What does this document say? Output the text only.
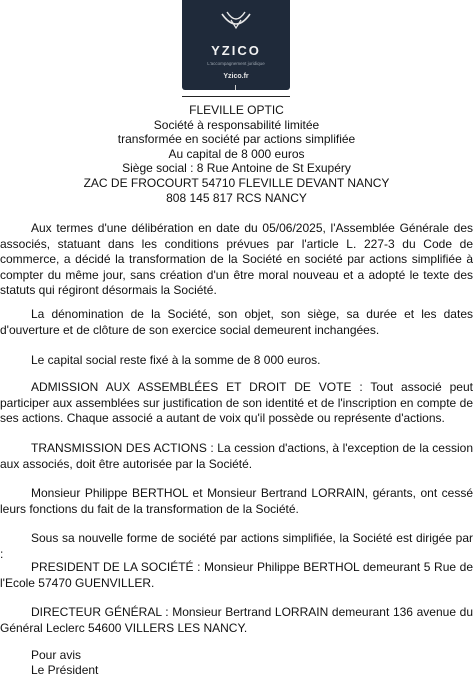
YZICO
L'accompagnement juridique
Yzico.fr
FLEVILLE OPTIC
Société à responsabilité limitée
transformée en société par actions simplifiée
Au capital de 8 000 euros
Siège social : 8 Rue Antoine de St Exupéry
ZAC DE FROCOURT 54710 FLEVILLE DEVANT NANCY
808 145 817 RCS NANCY

Aux termes d'une délibération en date du 05/06/2025, l'Assemblée Générale des associés, statuant dans les conditions prévues par l'article L. 227-3 du Code de commerce, a décidé la transformation de la Société en société par actions simplifiée à compter du même jour, sans création d'un être moral nouveau et a adopté le texte des statuts qui régiront désormais la Société.

La dénomination de la Société, son objet, son siège, sa durée et les dates d'ouverture et de clôture de son exercice social demeurent inchangées.

Le capital social reste fixé à la somme de 8 000 euros.

ADMISSION AUX ASSEMBLÉES ET DROIT DE VOTE : Tout associé peut participer aux assemblées sur justification de son identité et de l'inscription en compte de ses actions. Chaque associé a autant de voix qu'il possède ou représente d'actions.

TRANSMISSION DES ACTIONS : La cession d'actions, à l'exception de la cession aux associés, doit être autorisée par la Société.

Monsieur Philippe BERTHOL et Monsieur Bertrand LORRAIN, gérants, ont cessé leurs fonctions du fait de la transformation de la Société.

Sous sa nouvelle forme de société par actions simplifiée, la Société est dirigée par :

PRESIDENT DE LA SOCIÉTÉ : Monsieur Philippe BERTHOL demeurant 5 Rue de l'Ecole 57470 GUENVILLER.

DIRECTEUR GÉNÉRAL : Monsieur Bertrand LORRAIN demeurant 136 avenue du Général Leclerc 54600 VILLERS LES NANCY.

Pour avis
Le Président
